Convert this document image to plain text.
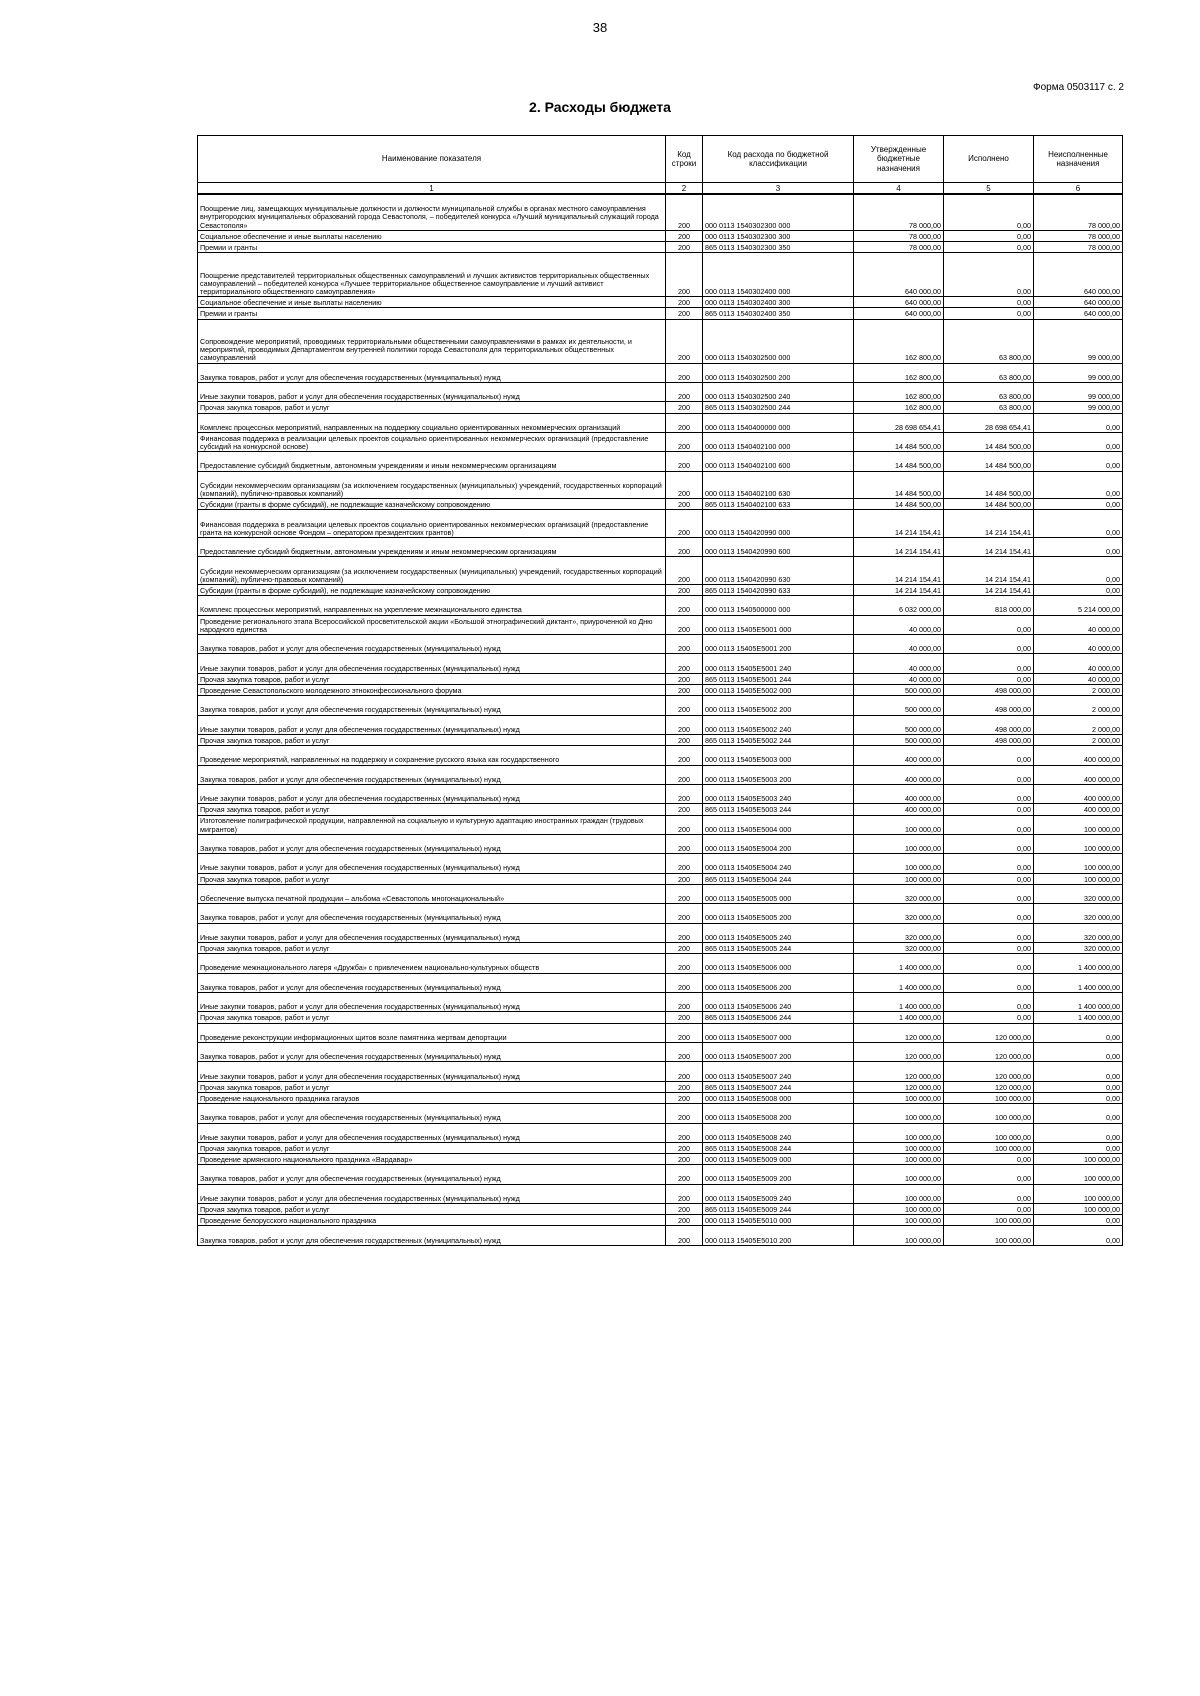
38
Форма 0503117 с. 2
2. Расходы бюджета
Наименование показателя	Код строки	Код расхода по бюджетной классификации	Утвержденные бюджетные назначения	Исполнено	Неисполненные назначения
1	2	3	4	5	6
Поощрение лиц, замещающих муниципальные должности и должности муниципальной службы в органах местного самоуправления внутригородских муниципальных образований города Севастополя, – победителей конкурса «Лучший муниципальный служащий города Севастополя»	200	000 0113 1540302300 000	78 000,00	0,00	78 000,00
Социальное обеспечение и иные выплаты населению	200	000 0113 1540302300 300	78 000,00	0,00	78 000,00
Премии и гранты	200	865 0113 1540302300 350	78 000,00	0,00	78 000,00
Поощрение представителей территориальных общественных самоуправлений и лучших активистов территориальных общественных самоуправлений – победителей конкурса «Лучшее территориальное общественное самоуправление и лучший активист территориального общественного самоуправления»	200	000 0113 1540302400 000	640 000,00	0,00	640 000,00
Социальное обеспечение и иные выплаты населению	200	000 0113 1540302400 300	640 000,00	0,00	640 000,00
Премии и гранты	200	865 0113 1540302400 350	640 000,00	0,00	640 000,00
Сопровождение мероприятий, проводимых территориальными общественными самоуправлениями в рамках их деятельности, и мероприятий, проводимых Департаментом внутренней политики города Севастополя для территориальных общественных самоуправлений	200	000 0113 1540302500 000	162 800,00	63 800,00	99 000,00
Закупка товаров, работ и услуг для обеспечения государственных (муниципальных) нужд	200	000 0113 1540302500 200	162 800,00	63 800,00	99 000,00
Иные закупки товаров, работ и услуг для обеспечения государственных (муниципальных) нужд	200	000 0113 1540302500 240	162 800,00	63 800,00	99 000,00
Прочая закупка товаров, работ и услуг	200	865 0113 1540302500 244	162 800,00	63 800,00	99 000,00
Комплекс процессных мероприятий, направленных на поддержку социально ориентированных некоммерческих организаций	200	000 0113 1540400000 000	28 698 654,41	28 698 654,41	0,00
Финансовая поддержка в реализации целевых проектов социально ориентированных некоммерческих организаций (предоставление субсидий на конкурсной основе)	200	000 0113 1540402100 000	14 484 500,00	14 484 500,00	0,00
Предоставление субсидий бюджетным, автономным учреждениям и иным некоммерческим организациям	200	000 0113 1540402100 600	14 484 500,00	14 484 500,00	0,00
Субсидии некоммерческим организациям (за исключением государственных (муниципальных) учреждений, государственных корпораций (компаний), публично-правовых компаний)	200	000 0113 1540402100 630	14 484 500,00	14 484 500,00	0,00
Субсидии (гранты в форме субсидий), не подлежащие казначейскому сопровождению	200	865 0113 1540402100 633	14 484 500,00	14 484 500,00	0,00
Финансовая поддержка в реализации целевых проектов социально ориентированных некоммерческих организаций (предоставление гранта на конкурсной основе Фондом – оператором президентских грантов)	200	000 0113 1540420990 000	14 214 154,41	14 214 154,41	0,00
Предоставление субсидий бюджетным, автономным учреждениям и иным некоммерческим организациям	200	000 0113 1540420990 600	14 214 154,41	14 214 154,41	0,00
Субсидии некоммерческим организациям (за исключением государственных (муниципальных) учреждений, государственных корпораций (компаний), публично-правовых компаний)	200	000 0113 1540420990 630	14 214 154,41	14 214 154,41	0,00
Субсидии (гранты в форме субсидий), не подлежащие казначейскому сопровождению	200	865 0113 1540420990 633	14 214 154,41	14 214 154,41	0,00
Комплекс процессных мероприятий, направленных на укрепление межнационального единства	200	000 0113 1540500000 000	6 032 000,00	818 000,00	5 214 000,00
Проведение регионального этапа Всероссийской просветительской акции «Большой этнографический диктант», приуроченной ко Дню народного единства	200	000 0113 15405Е5001 000	40 000,00	0,00	40 000,00
Закупка товаров, работ и услуг для обеспечения государственных (муниципальных) нужд	200	000 0113 15405Е5001 200	40 000,00	0,00	40 000,00
Иные закупки товаров, работ и услуг для обеспечения государственных (муниципальных) нужд	200	000 0113 15405Е5001 240	40 000,00	0,00	40 000,00
Прочая закупка товаров, работ и услуг	200	865 0113 15405Е5001 244	40 000,00	0,00	40 000,00
Проведение Севастопольского молодежного этноконфессионального форума	200	000 0113 15405Е5002 000	500 000,00	498 000,00	2 000,00
Закупка товаров, работ и услуг для обеспечения государственных (муниципальных) нужд	200	000 0113 15405Е5002 200	500 000,00	498 000,00	2 000,00
Иные закупки товаров, работ и услуг для обеспечения государственных (муниципальных) нужд	200	000 0113 15405Е5002 240	500 000,00	498 000,00	2 000,00
Прочая закупка товаров, работ и услуг	200	865 0113 15405Е5002 244	500 000,00	498 000,00	2 000,00
Проведение мероприятий, направленных на поддержку и сохранение русского языка как государственного	200	000 0113 15405Е5003 000	400 000,00	0,00	400 000,00
Закупка товаров, работ и услуг для обеспечения государственных (муниципальных) нужд	200	000 0113 15405Е5003 200	400 000,00	0,00	400 000,00
Иные закупки товаров, работ и услуг для обеспечения государственных (муниципальных) нужд	200	000 0113 15405Е5003 240	400 000,00	0,00	400 000,00
Прочая закупка товаров, работ и услуг	200	865 0113 15405Е5003 244	400 000,00	0,00	400 000,00
Изготовление полиграфической продукции, направленной на социальную и культурную адаптацию иностранных граждан (трудовых мигрантов)	200	000 0113 15405Е5004 000	100 000,00	0,00	100 000,00
Закупка товаров, работ и услуг для обеспечения государственных (муниципальных) нужд	200	000 0113 15405Е5004 200	100 000,00	0,00	100 000,00
Иные закупки товаров, работ и услуг для обеспечения государственных (муниципальных) нужд	200	000 0113 15405Е5004 240	100 000,00	0,00	100 000,00
Прочая закупка товаров, работ и услуг	200	865 0113 15405Е5004 244	100 000,00	0,00	100 000,00
Обеспечение выпуска печатной продукции – альбома «Севастополь многонациональный»	200	000 0113 15405Е5005 000	320 000,00	0,00	320 000,00
Закупка товаров, работ и услуг для обеспечения государственных (муниципальных) нужд	200	000 0113 15405Е5005 200	320 000,00	0,00	320 000,00
Иные закупки товаров, работ и услуг для обеспечения государственных (муниципальных) нужд	200	000 0113 15405Е5005 240	320 000,00	0,00	320 000,00
Прочая закупка товаров, работ и услуг	200	865 0113 15405Е5005 244	320 000,00	0,00	320 000,00
Проведение межнационального лагеря «Дружба» с привлечением национально-культурных обществ	200	000 0113 15405Е5006 000	1 400 000,00	0,00	1 400 000,00
Закупка товаров, работ и услуг для обеспечения государственных (муниципальных) нужд	200	000 0113 15405Е5006 200	1 400 000,00	0,00	1 400 000,00
Иные закупки товаров, работ и услуг для обеспечения государственных (муниципальных) нужд	200	000 0113 15405Е5006 240	1 400 000,00	0,00	1 400 000,00
Прочая закупка товаров, работ и услуг	200	865 0113 15405Е5006 244	1 400 000,00	0,00	1 400 000,00
Проведение реконструкции информационных щитов возле памятника жертвам депортации	200	000 0113 15405Е5007 000	120 000,00	120 000,00	0,00
Закупка товаров, работ и услуг для обеспечения государственных (муниципальных) нужд	200	000 0113 15405Е5007 200	120 000,00	120 000,00	0,00
Иные закупки товаров, работ и услуг для обеспечения государственных (муниципальных) нужд	200	000 0113 15405Е5007 240	120 000,00	120 000,00	0,00
Прочая закупка товаров, работ и услуг	200	865 0113 15405Е5007 244	120 000,00	120 000,00	0,00
Проведение национального праздника гагаузов	200	000 0113 15405Е5008 000	100 000,00	100 000,00	0,00
Закупка товаров, работ и услуг для обеспечения государственных (муниципальных) нужд	200	000 0113 15405Е5008 200	100 000,00	100 000,00	0,00
Иные закупки товаров, работ и услуг для обеспечения государственных (муниципальных) нужд	200	000 0113 15405Е5008 240	100 000,00	100 000,00	0,00
Прочая закупка товаров, работ и услуг	200	865 0113 15405Е5008 244	100 000,00	100 000,00	0,00
Проведение армянского национального праздника «Вардавар»	200	000 0113 15405Е5009 000	100 000,00	0,00	100 000,00
Закупка товаров, работ и услуг для обеспечения государственных (муниципальных) нужд	200	000 0113 15405Е5009 200	100 000,00	0,00	100 000,00
Иные закупки товаров, работ и услуг для обеспечения государственных (муниципальных) нужд	200	000 0113 15405Е5009 240	100 000,00	0,00	100 000,00
Прочая закупка товаров, работ и услуг	200	865 0113 15405Е5009 244	100 000,00	0,00	100 000,00
Проведение белорусского национального праздника	200	000 0113 15405Е5010 000	100 000,00	100 000,00	0,00
Закупка товаров, работ и услуг для обеспечения государственных (муниципальных) нужд	200	000 0113 15405Е5010 200	100 000,00	100 000,00	0,00
